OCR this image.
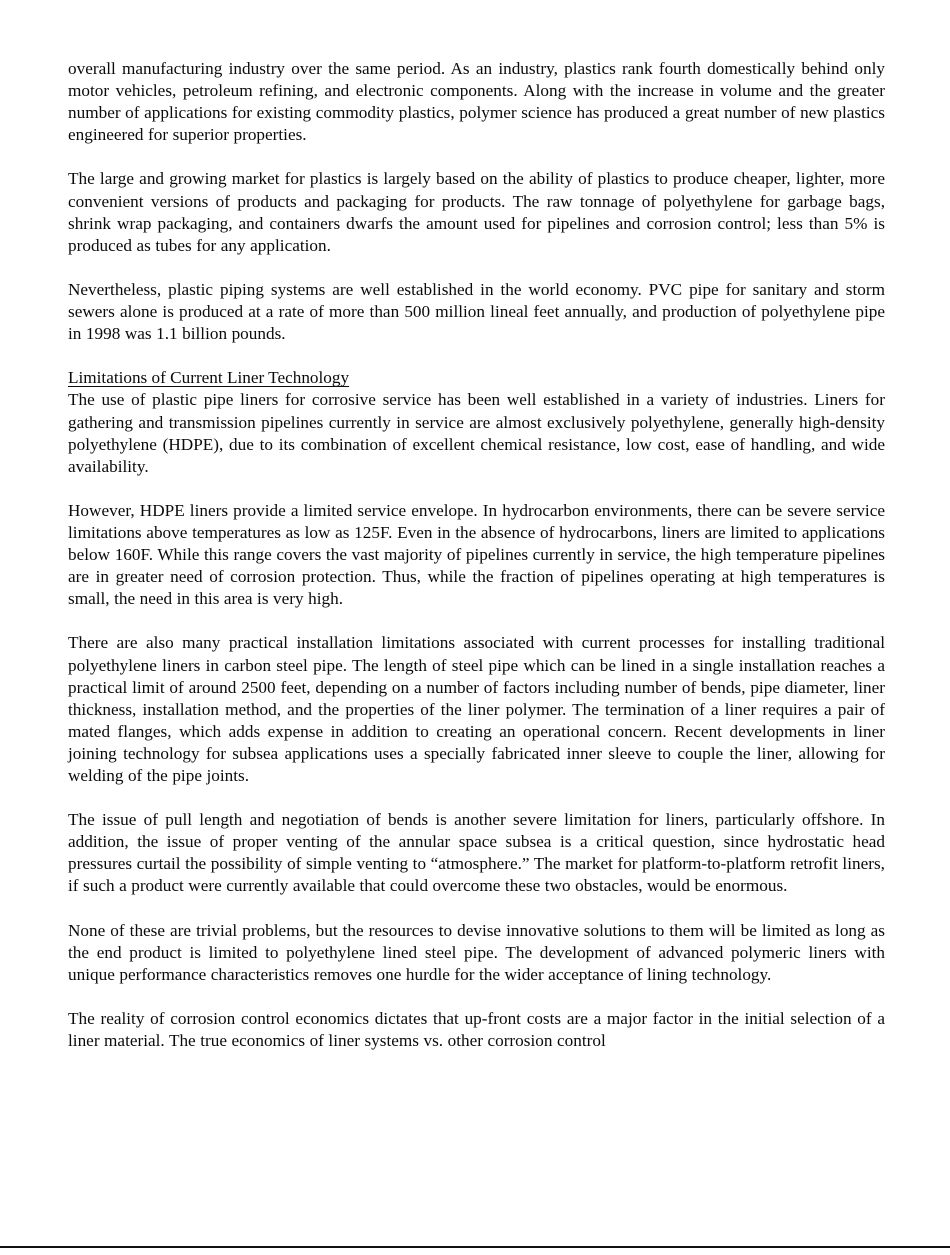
overall manufacturing industry over the same period. As an industry, plastics rank fourth domestically behind only motor vehicles, petroleum refining, and electronic components. Along with the increase in volume and the greater number of applications for existing commodity plastics, polymer science has produced a great number of new plastics engineered for superior properties.

The large and growing market for plastics is largely based on the ability of plastics to produce cheaper, lighter, more convenient versions of products and packaging for products. The raw tonnage of polyethylene for garbage bags, shrink wrap packaging, and containers dwarfs the amount used for pipelines and corrosion control; less than 5% is produced as tubes for any application.

Nevertheless, plastic piping systems are well established in the world economy. PVC pipe for sanitary and storm sewers alone is produced at a rate of more than 500 million lineal feet annually, and production of polyethylene pipe in 1998 was 1.1 billion pounds.

Limitations of Current Liner Technology

The use of plastic pipe liners for corrosive service has been well established in a variety of industries. Liners for gathering and transmission pipelines currently in service are almost exclusively polyethylene, generally high-density polyethylene (HDPE), due to its combination of excellent chemical resistance, low cost, ease of handling, and wide availability.

However, HDPE liners provide a limited service envelope. In hydrocarbon environments, there can be severe service limitations above temperatures as low as 125F. Even in the absence of hydrocarbons, liners are limited to applications below 160F. While this range covers the vast majority of pipelines currently in service, the high temperature pipelines are in greater need of corrosion protection. Thus, while the fraction of pipelines operating at high temperatures is small, the need in this area is very high.

There are also many practical installation limitations associated with current processes for installing traditional polyethylene liners in carbon steel pipe. The length of steel pipe which can be lined in a single installation reaches a practical limit of around 2500 feet, depending on a number of factors including number of bends, pipe diameter, liner thickness, installation method, and the properties of the liner polymer. The termination of a liner requires a pair of mated flanges, which adds expense in addition to creating an operational concern. Recent developments in liner joining technology for subsea applications uses a specially fabricated inner sleeve to couple the liner, allowing for welding of the pipe joints.

The issue of pull length and negotiation of bends is another severe limitation for liners, particularly offshore. In addition, the issue of proper venting of the annular space subsea is a critical question, since hydrostatic head pressures curtail the possibility of simple venting to “atmosphere.” The market for platform-to-platform retrofit liners, if such a product were currently available that could overcome these two obstacles, would be enormous.

None of these are trivial problems, but the resources to devise innovative solutions to them will be limited as long as the end product is limited to polyethylene lined steel pipe. The development of advanced polymeric liners with unique performance characteristics removes one hurdle for the wider acceptance of lining technology.

The reality of corrosion control economics dictates that up-front costs are a major factor in the initial selection of a liner material. The true economics of liner systems vs. other corrosion control
